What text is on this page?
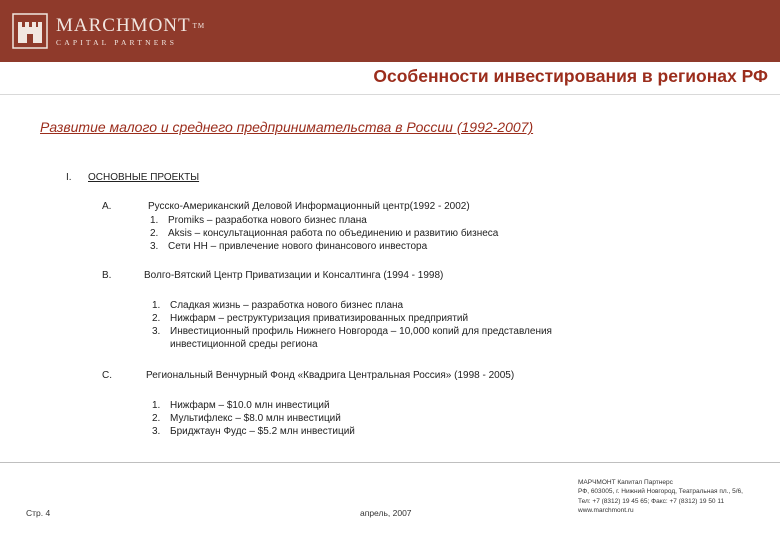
MARCHMONT ™
CAPITAL PARTNERS
Особенности инвестирования в регионах РФ
Развитие малого и среднего предпринимательства в России (1992-2007)
I. ОСНОВНЫЕ ПРОЕКТЫ
A.	Русско-Американский Деловой Информационный центр(1992 - 2002)
1. Promiks – разработка нового бизнес плана
2. Aksis – консультационная работа по объединению и развитию бизнеса
3. Сети НН – привлечение нового финансового инвестора
B.	Волго-Вятский Центр Приватизации и Консалтинга (1994 - 1998)
1. Сладкая жизнь – разработка нового бизнес плана
2. Нижфарм – реструктуризация приватизированных предприятий
3. Инвестиционный профиль Нижнего Новгорода – 10,000 копий для представления
инвестиционной среды региона
C.	Региональный Венчурный Фонд «Квадрига Центральная Россия» (1998 - 2005)
1. Нижфарм – $10.0 млн инвестиций
2. Мультифлекс – $8.0 млн инвестиций
3. Бриджтаун Фудс – $5.2 млн инвестиций
Стр. 4	апрель, 2007
МАРЧМОНТ Капитал Партнерс
РФ, 603005, г. Нижний Новгород, Театральная пл., 5/6,
Тел: +7 (8312) 19 45 65; Факс: +7 (8312) 19 50 11
www.marchmont.ru
